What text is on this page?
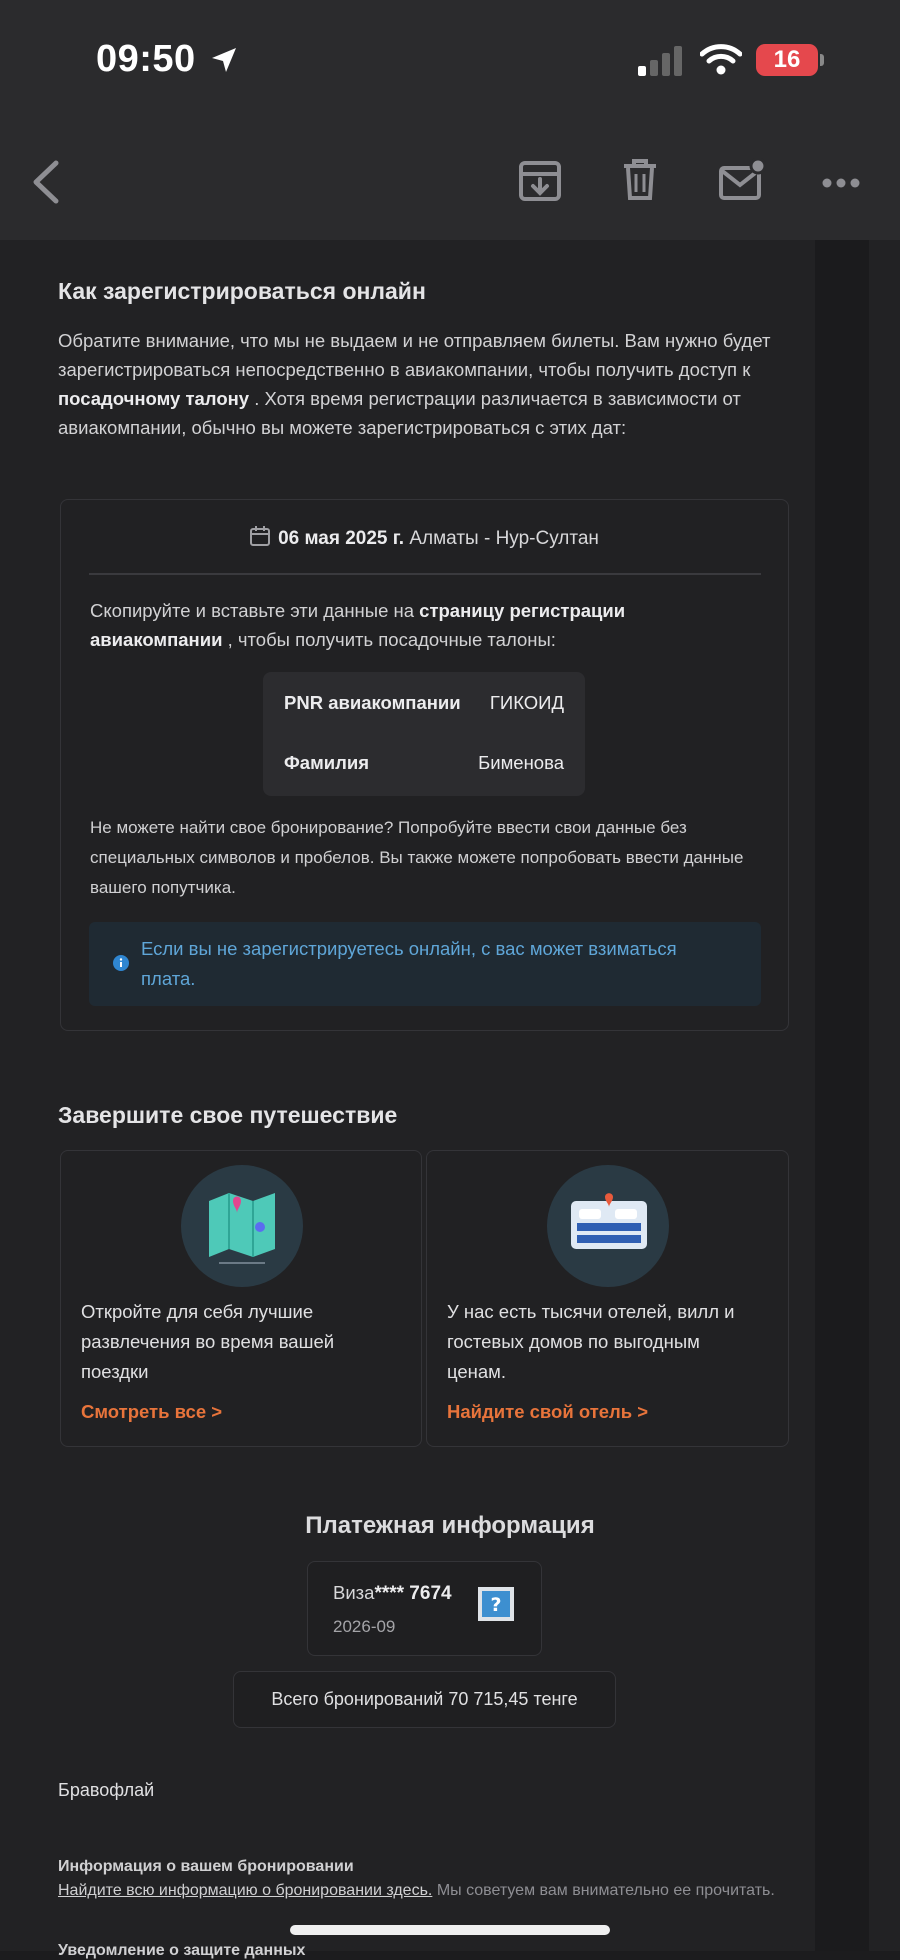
09:50	16
Как зарегистрироваться онлайн
Обратите внимание, что мы не выдаем и не отправляем билеты. Вам нужно будет зарегистрироваться непосредственно в авиакомпании, чтобы получить доступ к посадочному талону . Хотя время регистрации различается в зависимости от авиакомпании, обычно вы можете зарегистрироваться с этих дат:
06 мая 2025 г. Алматы - Нур-Султан
Скопируйте и вставьте эти данные на страницу регистрации авиакомпании , чтобы получить посадочные талоны:
PNR авиакомпании ГИКОИД
Фамилия	Бименова
Не можете найти свое бронирование? Попробуйте ввести свои данные без специальных символов и пробелов. Вы также можете попробовать ввести данные вашего попутчика.
Если вы не зарегистрируетесь онлайн, с вас может взиматься плата.
Завершите свое путешествие
Откройте для себя лучшие развлечения во время вашей поездки
Смотреть все >
У нас есть тысячи отелей, вилл и гостевых домов по выгодным ценам.
Найдите свой отель >
Платежная информация
Виза**** 7674
2026-09
?
Всего бронирований 70 715,45 тенге
Бравофлай
Информация о вашем бронировании
Найдите всю информацию о бронировании здесь. Мы советуем вам внимательно ее прочитать.
Уведомление о защите данных
